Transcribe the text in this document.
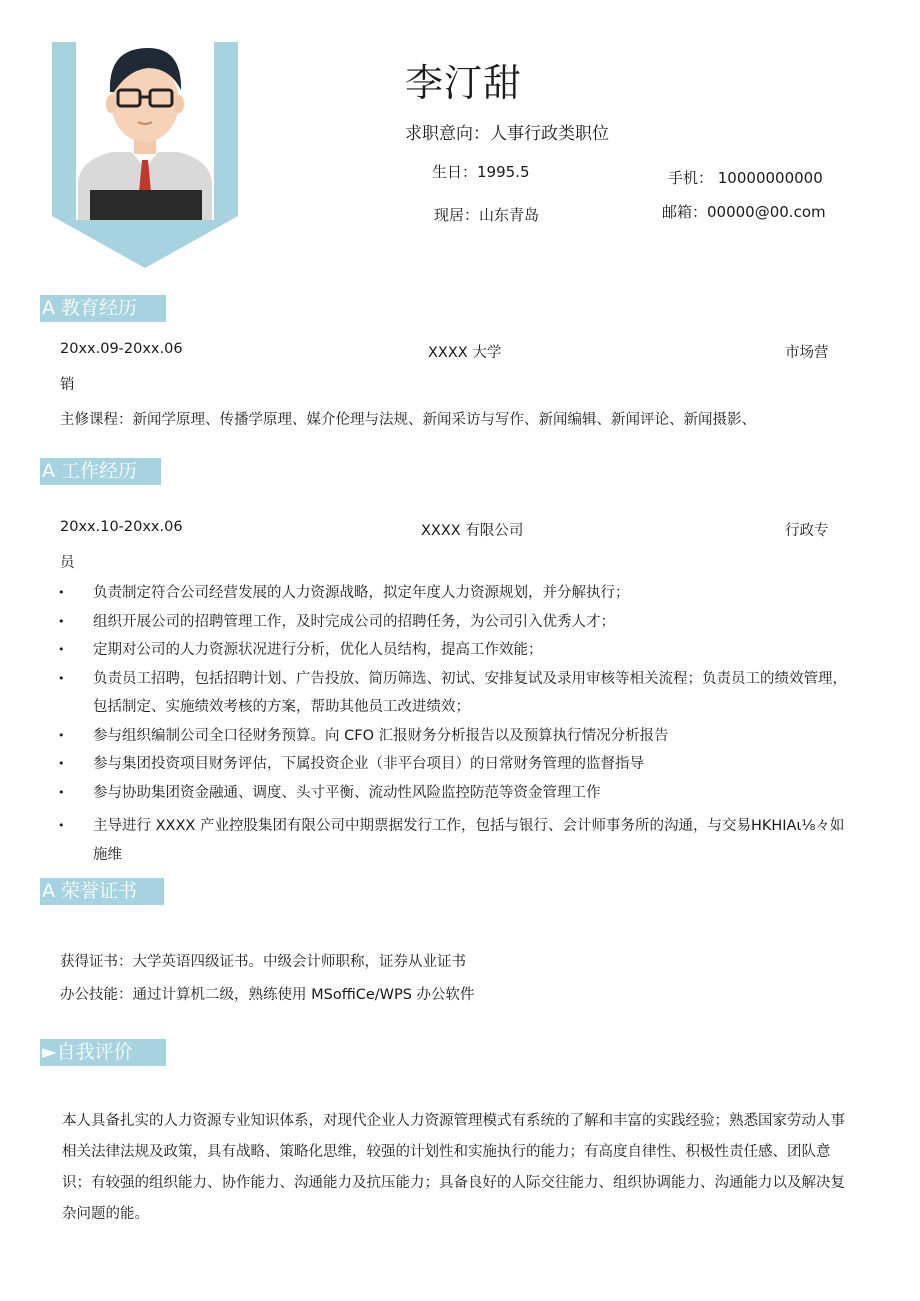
李汀甜
求职意向：人事行政类职位
生日：1995.5
现居：山东青岛
手机： 10000000000
邮箱：00000@00.com
A 教育经历
20xx.09-20xx.06	XXXX 大学	市场营
销
主修课程：新闻学原理、传播学原理、媒介伦理与法规、新闻采访与写作、新闻编辑、新闻评论、新闻摄影、
A 工作经历
20xx.10-20xx.06	XXXX 有限公司	行政专
员
• 负责制定符合公司经营发展的人力资源战略，拟定年度人力资源规划，并分解执行；
• 组织开展公司的招聘管理工作，及时完成公司的招聘任务，为公司引入优秀人才；
• 定期对公司的人力资源状况进行分析，优化人员结构，提高工作效能；
• 负责员工招聘，包括招聘计划、广告投放、简历筛选、初试、安排复试及录用审核等相关流程；负责员工的绩效管理，包括制定、实施绩效考核的方案，帮助其他员工改进绩效；
• 参与组织编制公司全口径财务预算。向 CFO 汇报财务分析报告以及预算执行情况分析报告
• 参与集团投资项目财务评估，下属投资企业（非平台项目）的日常财务管理的监督指导
• 参与协助集团资金融通、调度、头寸平衡、流动性风险监控防范等资金管理工作
• 主导进行 XXXX 产业控股集团有限公司中期票据发行工作，包括与银行、会计师事务所的沟通，与交易HKHIAι⅛々如施维
A 荣誉证书
获得证书：大学英语四级证书。中级会计师职称，证券从业证书
办公技能：通过计算机二级，熟练使用 MSoffiCe/WPS 办公软件
►自我评价
本人具备扎实的人力资源专业知识体系，对现代企业人力资源管理模式有系统的了解和丰富的实践经验；熟悉国家劳动人事相关法律法规及政策，具有战略、策略化思维，较强的计划性和实施执行的能力；有高度自律性、积极性责任感、团队意识；有较强的组织能力、协作能力、沟通能力及抗压能力；具备良好的人际交往能力、组织协调能力、沟通能力以及解决复杂问题的能。
